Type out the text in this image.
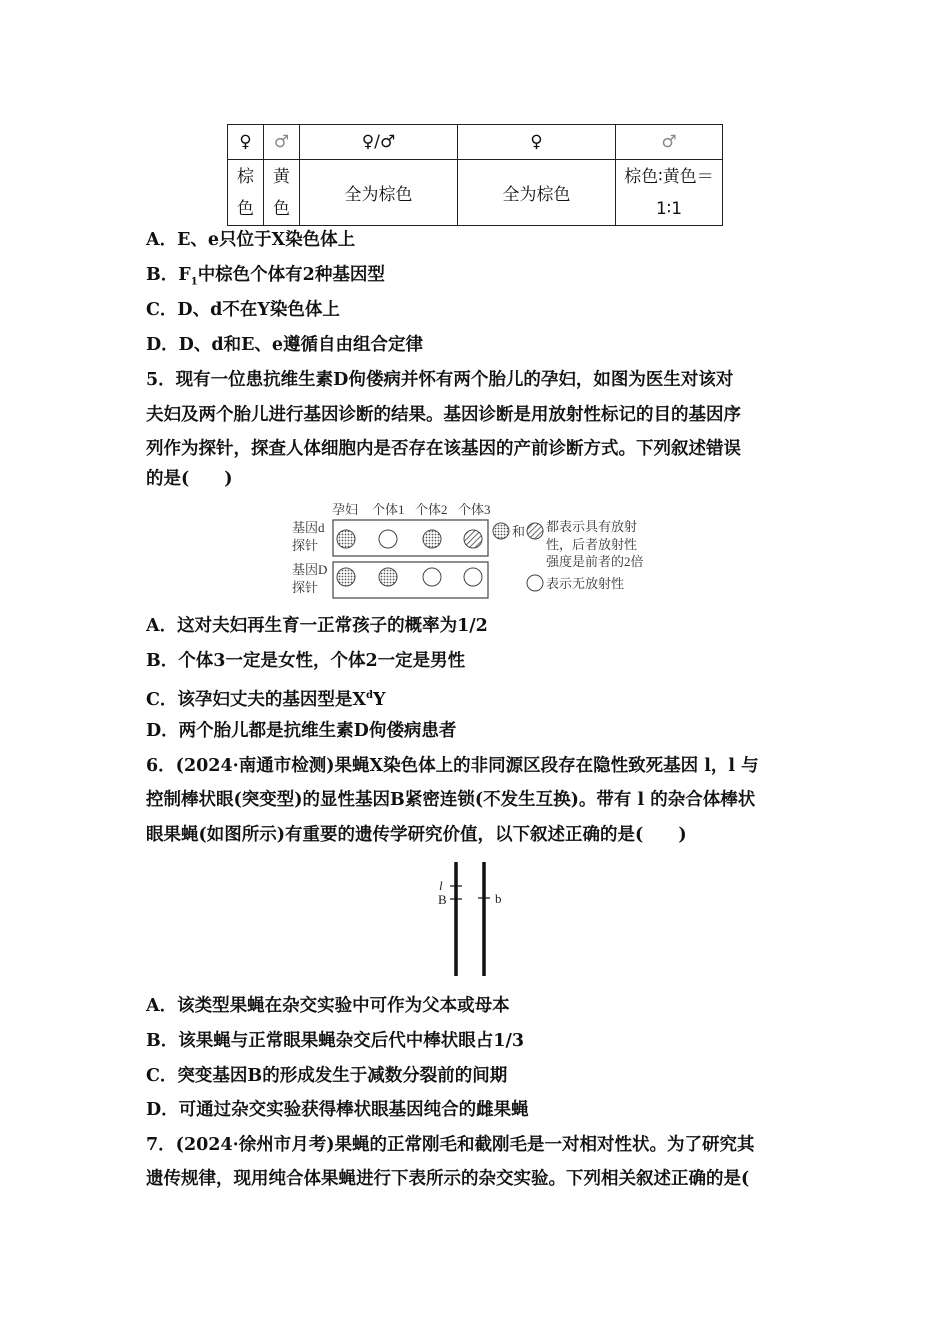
♀	♂	♀/♂	♀	♂
棕色	黄色	全为棕色	全为棕色	棕色∶黄色＝1∶1
A．E、e只位于X染色体上
B．$F_1$中棕色个体有2种基因型
C．D、d不在Y染色体上
D．D、d和E、e遵循自由组合定律
5．现有一位患抗维生素D佝偻病并怀有两个胎儿的孕妇，如图为医生对该对
夫妇及两个胎儿进行基因诊断的结果。基因诊断是用放射性标记的目的基因序
列作为探针，探查人体细胞内是否存在该基因的产前诊断方式。下列叙述错误
的是(　　)
孕妇 个体1 个体2 个体3
基因d
探针
基因D
探针
和 都表示具有放射
性，后者放射性
强度是前者的2倍
表示无放射性
A．这对夫妇再生育一正常孩子的概率为1/2
B．个体3一定是女性，个体2一定是男性
C．该孕妇丈夫的基因型是$X^dY$
D．两个胎儿都是抗维生素D佝偻病患者
6．(2024·南通市检测)果蝇X染色体上的非同源区段存在隐性致死基因 l，l 与
控制棒状眼(突变型)的显性基因B紧密连锁(不发生互换)。带有 l 的杂合体棒状
眼果蝇(如图所示)有重要的遗传学研究价值，以下叙述正确的是(　　)
l
B	b
A．该类型果蝇在杂交实验中可作为父本或母本
B．该果蝇与正常眼果蝇杂交后代中棒状眼占1/3
C．突变基因B的形成发生于减数分裂前的间期
D．可通过杂交实验获得棒状眼基因纯合的雌果蝇
7．(2024·徐州市月考)果蝇的正常刚毛和截刚毛是一对相对性状。为了研究其
遗传规律，现用纯合体果蝇进行下表所示的杂交实验。下列相关叙述正确的是(
